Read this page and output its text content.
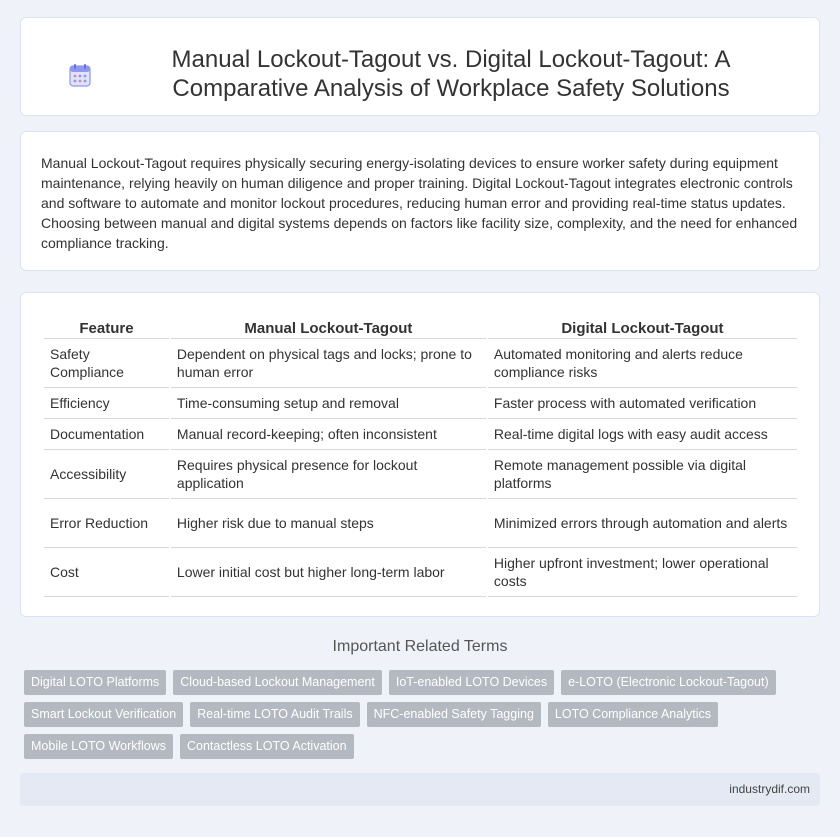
Manual Lockout-Tagout vs. Digital Lockout-Tagout: A Comparative Analysis of Workplace Safety Solutions

Manual Lockout-Tagout requires physically securing energy-isolating devices to ensure worker safety during equipment maintenance, relying heavily on human diligence and proper training. Digital Lockout-Tagout integrates electronic controls and software to automate and monitor lockout procedures, reducing human error and providing real-time status updates. Choosing between manual and digital systems depends on factors like facility size, complexity, and the need for enhanced compliance tracking.

Feature	Manual Lockout-Tagout	Digital Lockout-Tagout
Safety Compliance	Dependent on physical tags and locks; prone to human error	Automated monitoring and alerts reduce compliance risks
Efficiency	Time-consuming setup and removal	Faster process with automated verification
Documentation	Manual record-keeping; often inconsistent	Real-time digital logs with easy audit access
Accessibility	Requires physical presence for lockout application	Remote management possible via digital platforms
Error Reduction	Higher risk due to manual steps	Minimized errors through automation and alerts
Cost	Lower initial cost but higher long-term labor	Higher upfront investment; lower operational costs
Important Related Terms
Digital LOTO Platforms	Cloud-based Lockout Management	IoT-enabled LOTO Devices	e-LOTO (Electronic Lockout-Tagout)
Smart Lockout Verification	Real-time LOTO Audit Trails	NFC-enabled Safety Tagging	LOTO Compliance Analytics
Mobile LOTO Workflows	Contactless LOTO Activation
industrydif.com
